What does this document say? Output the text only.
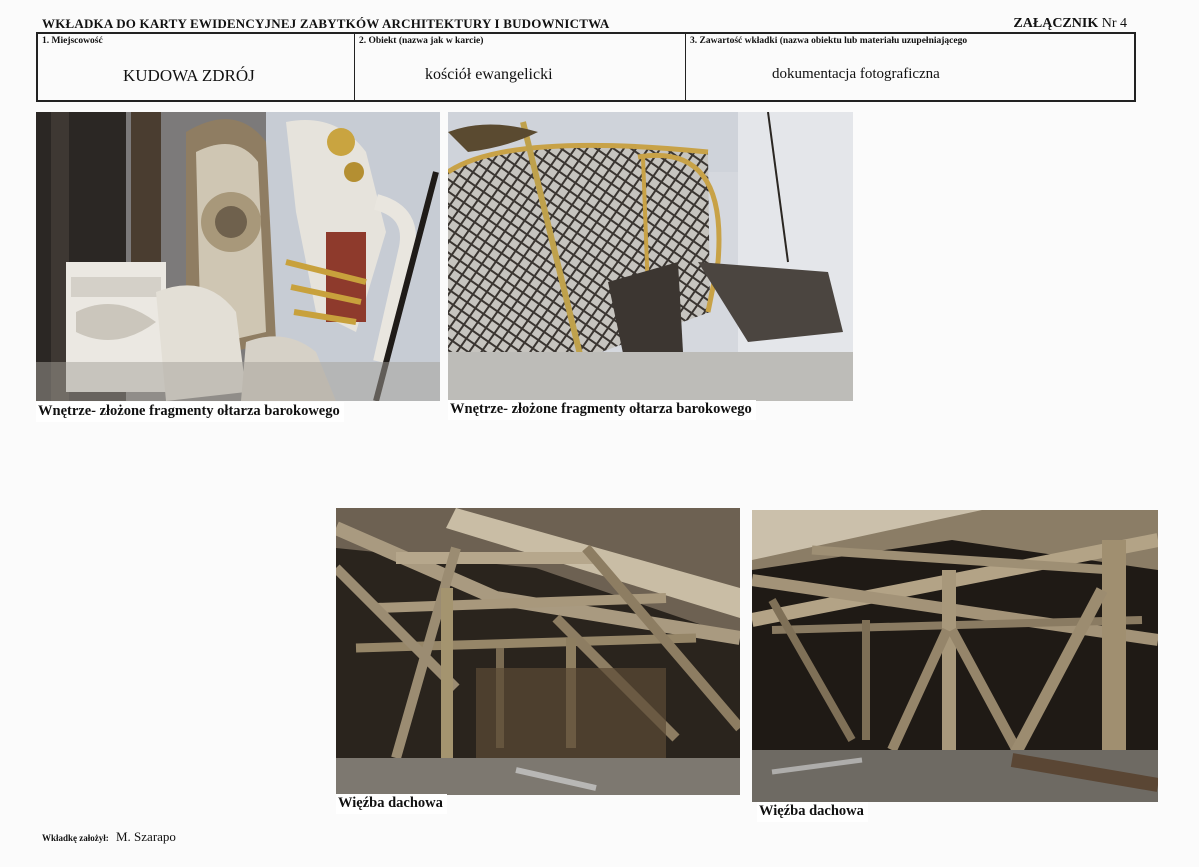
WKŁADKA DO KARTY EWIDENCYJNEJ ZABYTKÓW ARCHITEKTURY I BUDOWNICTWA	ZAŁĄCZNIK Nr 4
1. Miejscowość
KUDOWA ZDRÓJ
2. Obiekt (nazwa jak w karcie)
kościół ewangelicki
3. Zawartość wkładki (nazwa obiektu lub materiału uzupełniającego
dokumentacja fotograficzna
Wnętrze- złożone fragmenty ołtarza barokowego	Wnętrze- złożone fragmenty ołtarza barokowego
Więźba dachowa	Więźba dachowa
Wkładkę założył: M. Szarapo
